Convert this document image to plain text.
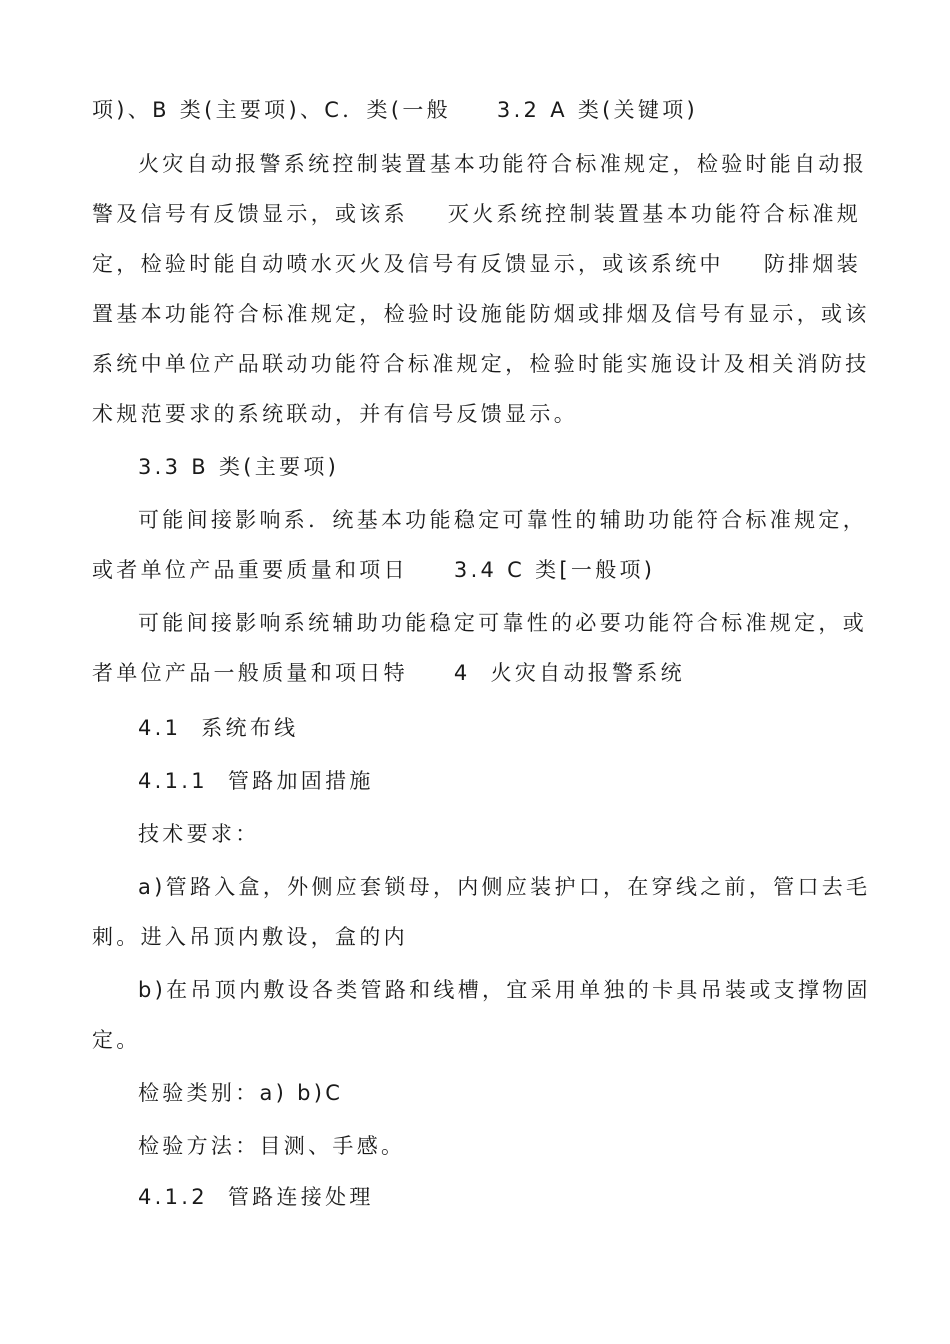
项)、B 类(主要项)、C．类(一般 3.2 A 类(关键项)
火灾自动报警系统控制装置基本功能符合标准规定，检验时能自动报
警及信号有反馈显示，或该系 灭火系统控制装置基本功能符合标准规
定，检验时能自动喷水灭火及信号有反馈显示，或该系统中 防排烟装
置基本功能符合标准规定，检验时设施能防烟或排烟及信号有显示，或该
系统中单位产品联动功能符合标准规定，检验时能实施设计及相关消防技
术规范要求的系统联动，并有信号反馈显示。
3.3 B 类(主要项)
可能间接影响系．统基本功能稳定可靠性的辅助功能符合标准规定，
或者单位产品重要质量和项日 3.4 C 类[一般项)
可能间接影响系统辅助功能稳定可靠性的必要功能符合标准规定，或
者单位产品一般质量和项日特 4  火灾自动报警系统
4.1  系统布线
4.1.1  管路加固措施
技术要求：
a)管路入盒，外侧应套锁母，内侧应装护口，在穿线之前，管口去毛
刺。进入吊顶内敷设，盒的内
b)在吊顶内敷设各类管路和线槽，宜采用单独的卡具吊装或支撑物固
定。
检验类别：a) b)C
检验方法：目测、手感。
4.1.2  管路连接处理
